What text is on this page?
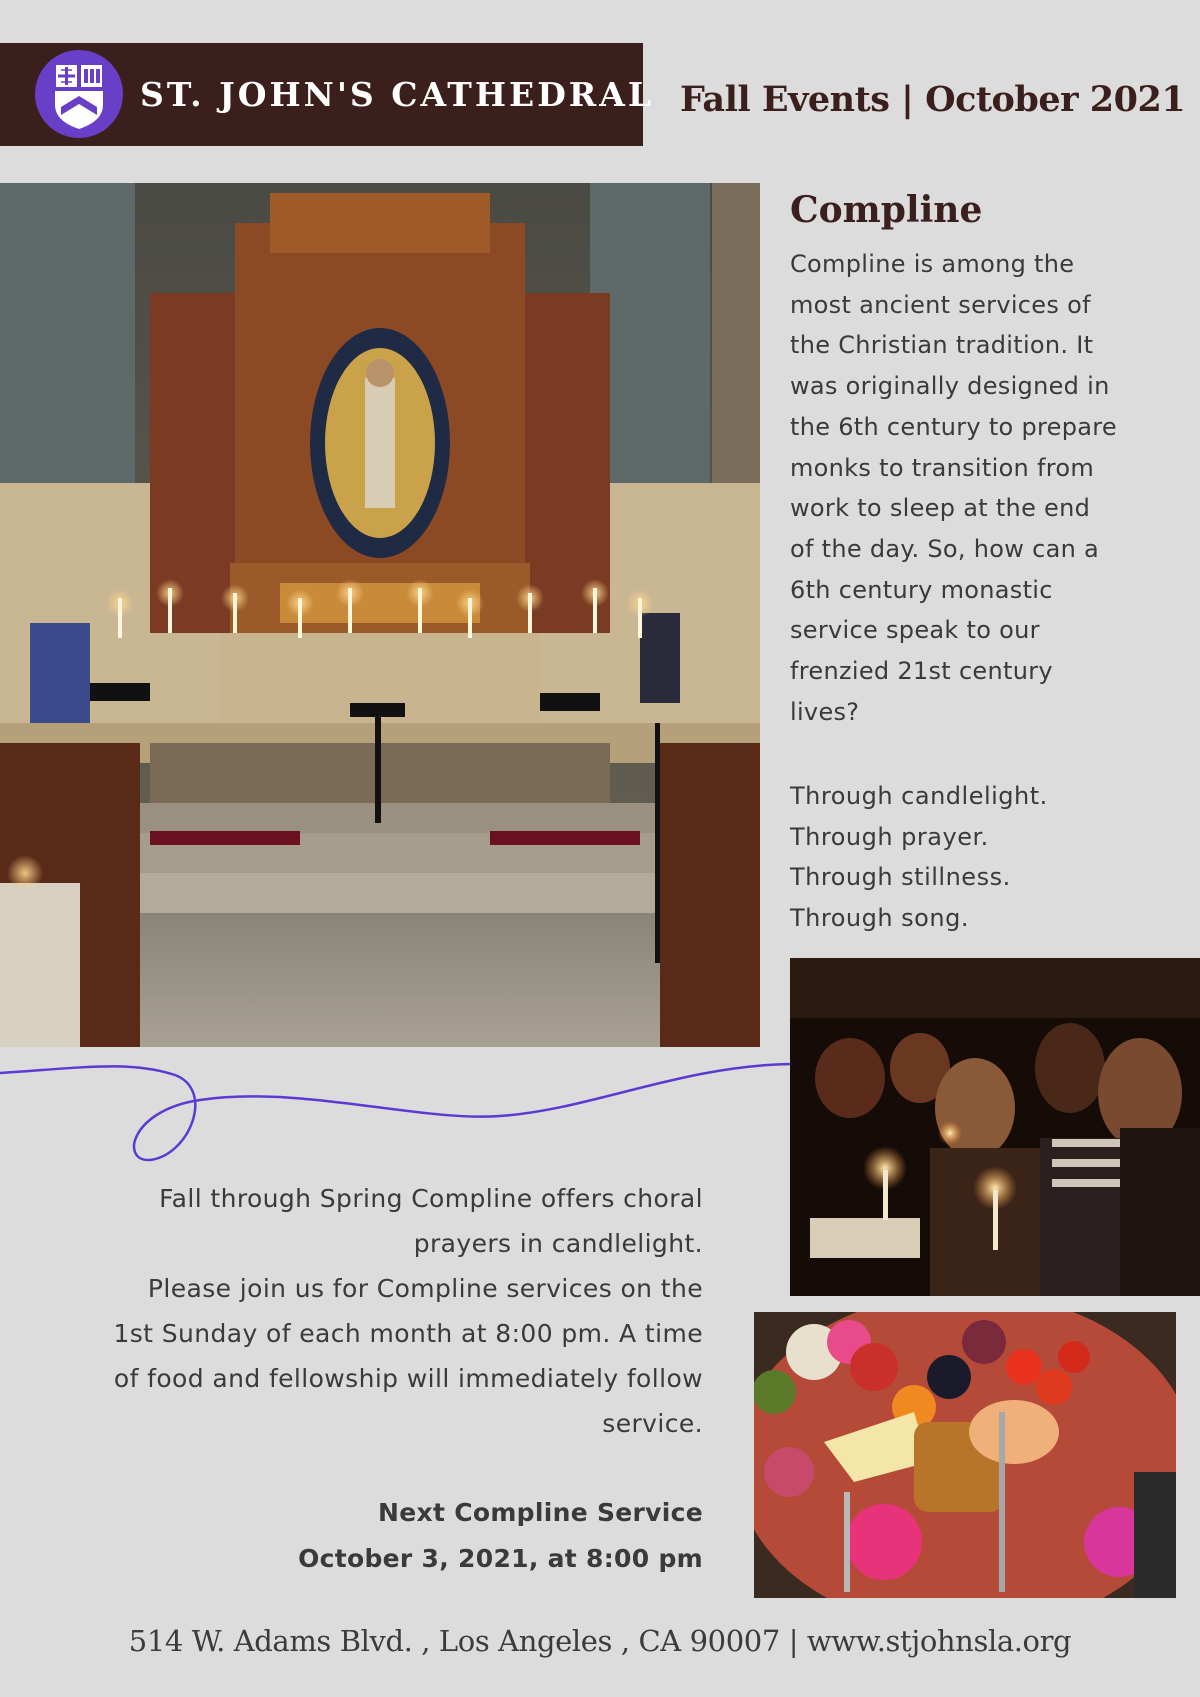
ST. JOHN'S CATHEDRAL Fall Events | October 2021
Compline

Compline is among the most ancient services of the Christian tradition. It was originally designed in the 6th century to prepare monks to transition from work to sleep at the end of the day. So, how can a 6th century monastic service speak to our frenzied 21st century lives?

Through candlelight.
Through prayer.
Through stillness.
Through song.

Fall through Spring Compline offers choral prayers in candlelight.

Please join us for Compline services on the 1st Sunday of each month at 8:00 pm. A time of food and fellowship will immediately follow service.

Next Compline Service
October 3, 2021, at 8:00 pm
514 W. Adams Blvd. , Los Angeles , CA 90007 | www.stjohnsla.org
